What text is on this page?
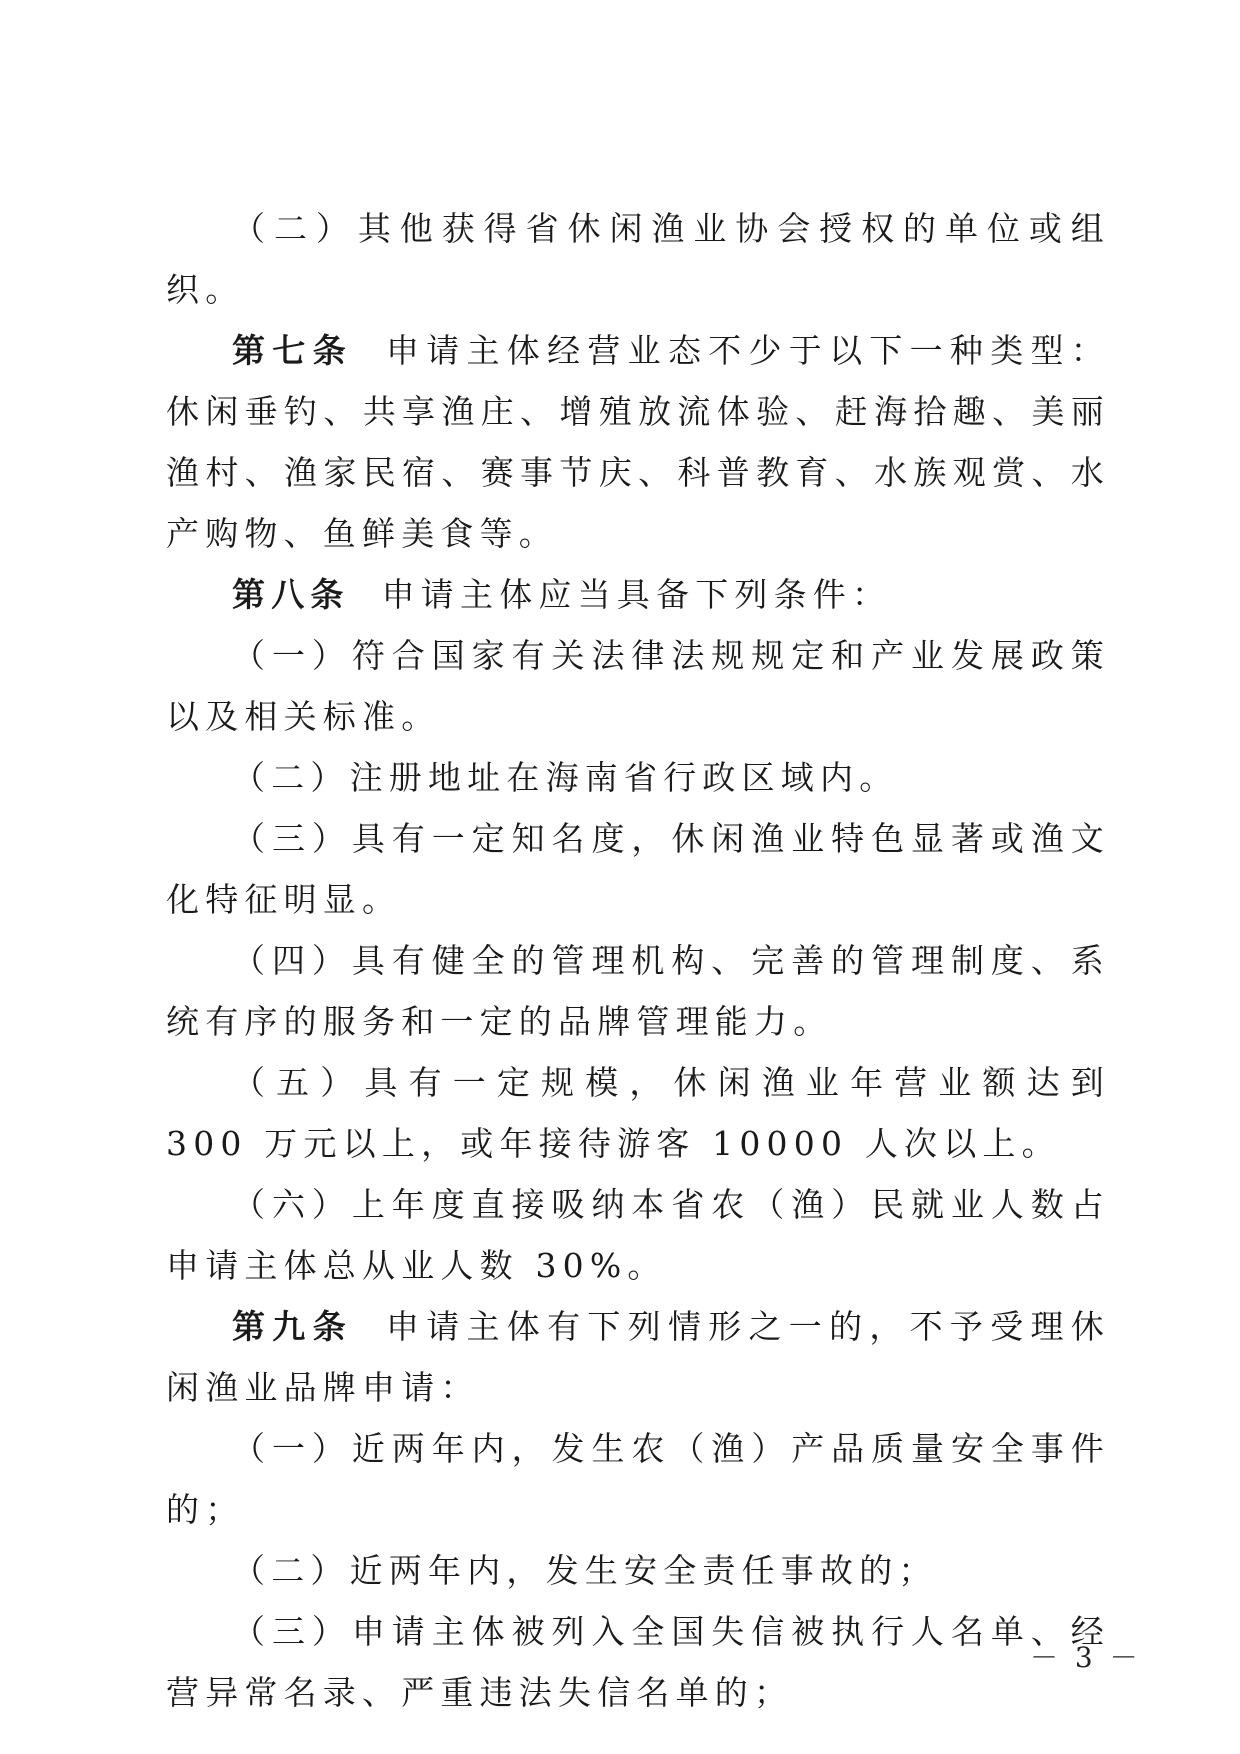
（二）其他获得省休闲渔业协会授权的单位或组织。

第七条 申请主体经营业态不少于以下一种类型：休闲垂钓、共享渔庄、增殖放流体验、赶海拾趣、美丽渔村、渔家民宿、赛事节庆、科普教育、水族观赏、水产购物、鱼鲜美食等。

第八条 申请主体应当具备下列条件：

（一）符合国家有关法律法规规定和产业发展政策以及相关标准。

（二）注册地址在海南省行政区域内。

（三）具有一定知名度，休闲渔业特色显著或渔文化特征明显。

（四）具有健全的管理机构、完善的管理制度、系统有序的服务和一定的品牌管理能力。

（五）具有一定规模，休闲渔业年营业额达到 300 万元以上，或年接待游客 10000 人次以上。

（六）上年度直接吸纳本省农（渔）民就业人数占申请主体总从业人数 30%。

第九条 申请主体有下列情形之一的，不予受理休闲渔业品牌申请：

（一）近两年内，发生农（渔）产品质量安全事件的；

（二）近两年内，发生安全责任事故的；

（三）申请主体被列入全国失信被执行人名单、经营异常名录、严重违法失信名单的；

－ 3 －
